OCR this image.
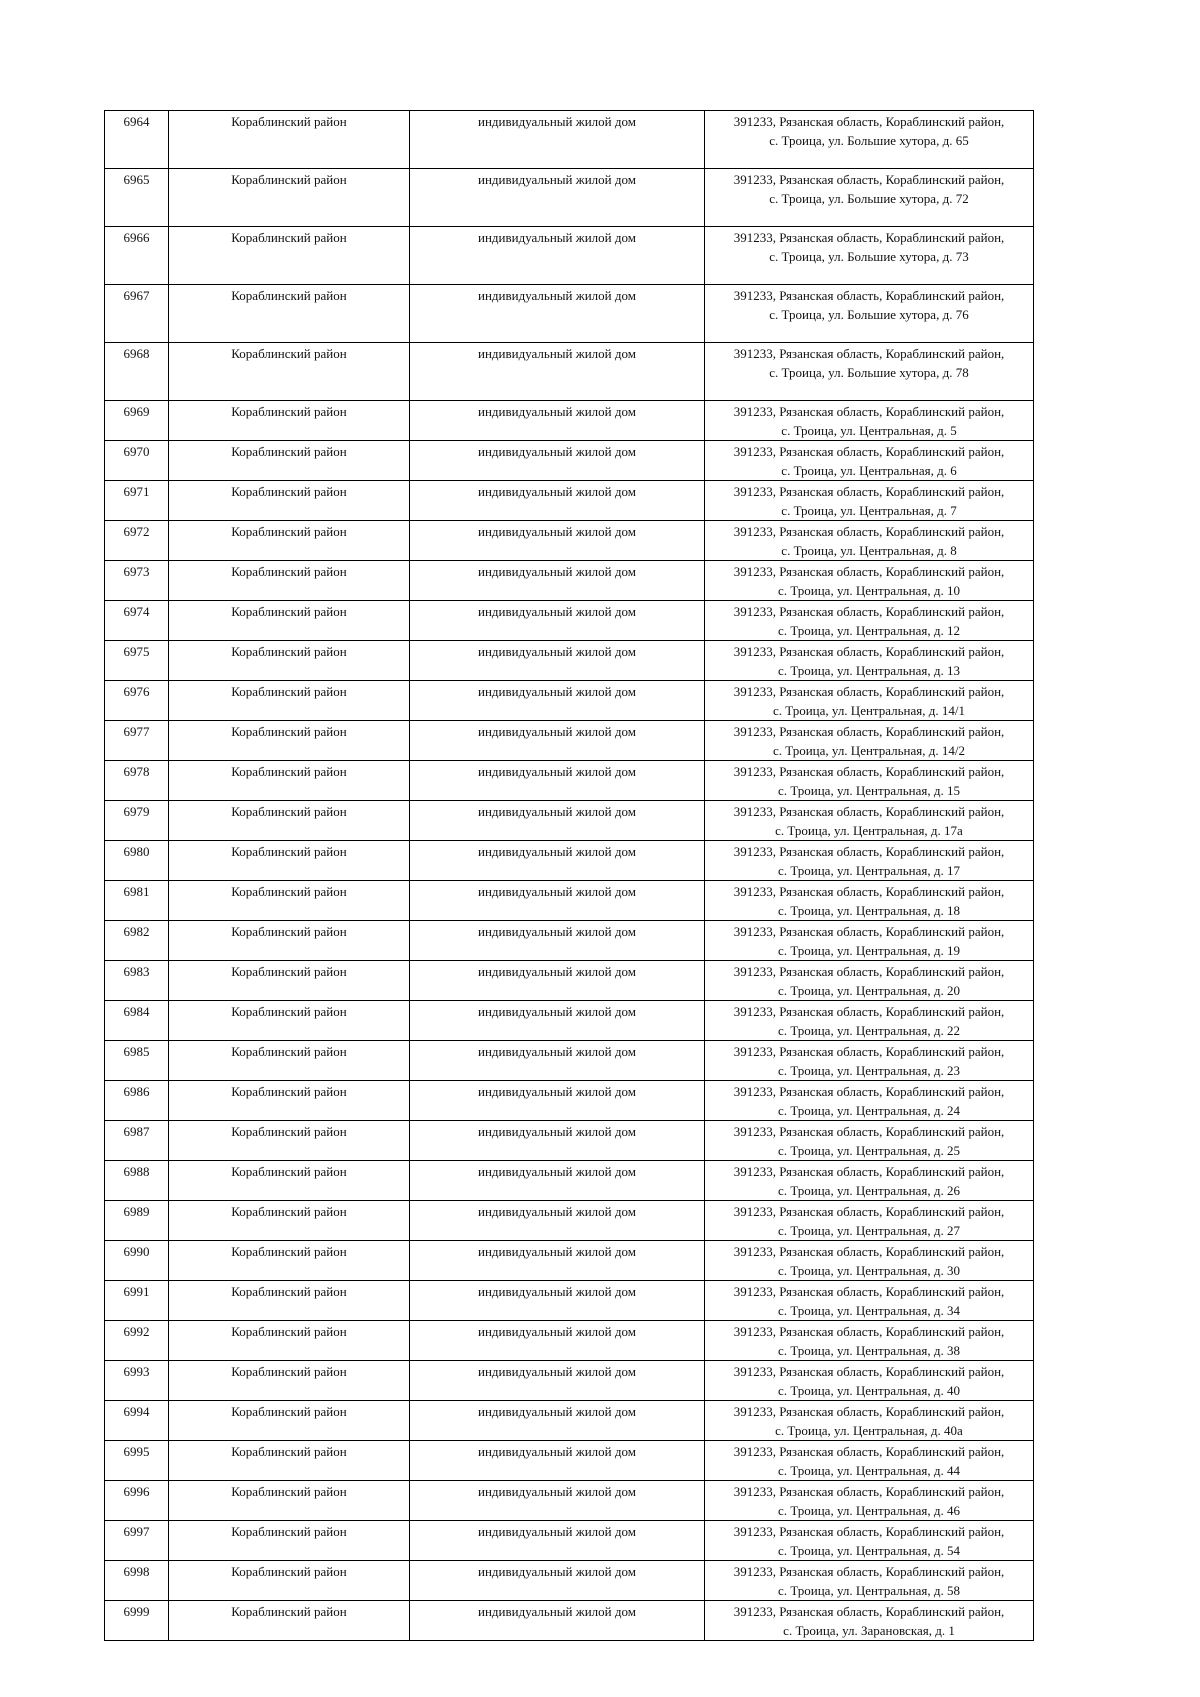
6964	Кораблинский район	индивидуальный жилой дом	391233, Рязанская область, Кораблинский район,
с. Троица, ул. Большие хутора, д. 65

6965	Кораблинский район	индивидуальный жилой дом	391233, Рязанская область, Кораблинский район,
с. Троица, ул. Большие хутора, д. 72

6966	Кораблинский район	индивидуальный жилой дом	391233, Рязанская область, Кораблинский район,
с. Троица, ул. Большие хутора, д. 73

6967	Кораблинский район	индивидуальный жилой дом	391233, Рязанская область, Кораблинский район,
с. Троица, ул. Большие хутора, д. 76

6968	Кораблинский район	индивидуальный жилой дом	391233, Рязанская область, Кораблинский район,
с. Троица, ул. Большие хутора, д. 78

6969	Кораблинский район	индивидуальный жилой дом	391233, Рязанская область, Кораблинский район,
с. Троица, ул. Центральная, д. 5

6970	Кораблинский район	индивидуальный жилой дом	391233, Рязанская область, Кораблинский район,
с. Троица, ул. Центральная, д. 6

6971	Кораблинский район	индивидуальный жилой дом	391233, Рязанская область, Кораблинский район,
с. Троица, ул. Центральная, д. 7

6972	Кораблинский район	индивидуальный жилой дом	391233, Рязанская область, Кораблинский район,
с. Троица, ул. Центральная, д. 8

6973	Кораблинский район	индивидуальный жилой дом	391233, Рязанская область, Кораблинский район,
с. Троица, ул. Центральная, д. 10

6974	Кораблинский район	индивидуальный жилой дом	391233, Рязанская область, Кораблинский район,
с. Троица, ул. Центральная, д. 12

6975	Кораблинский район	индивидуальный жилой дом	391233, Рязанская область, Кораблинский район,
с. Троица, ул. Центральная, д. 13

6976	Кораблинский район	индивидуальный жилой дом	391233, Рязанская область, Кораблинский район,
с. Троица, ул. Центральная, д. 14/1

6977	Кораблинский район	индивидуальный жилой дом	391233, Рязанская область, Кораблинский район,
с. Троица, ул. Центральная, д. 14/2

6978	Кораблинский район	индивидуальный жилой дом	391233, Рязанская область, Кораблинский район,
с. Троица, ул. Центральная, д. 15

6979	Кораблинский район	индивидуальный жилой дом	391233, Рязанская область, Кораблинский район,
с. Троица, ул. Центральная, д. 17а

6980	Кораблинский район	индивидуальный жилой дом	391233, Рязанская область, Кораблинский район,
с. Троица, ул. Центральная, д. 17

6981	Кораблинский район	индивидуальный жилой дом	391233, Рязанская область, Кораблинский район,
с. Троица, ул. Центральная, д. 18

6982	Кораблинский район	индивидуальный жилой дом	391233, Рязанская область, Кораблинский район,
с. Троица, ул. Центральная, д. 19

6983	Кораблинский район	индивидуальный жилой дом	391233, Рязанская область, Кораблинский район,
с. Троица, ул. Центральная, д. 20

6984	Кораблинский район	индивидуальный жилой дом	391233, Рязанская область, Кораблинский район,
с. Троица, ул. Центральная, д. 22

6985	Кораблинский район	индивидуальный жилой дом	391233, Рязанская область, Кораблинский район,
с. Троица, ул. Центральная, д. 23

6986	Кораблинский район	индивидуальный жилой дом	391233, Рязанская область, Кораблинский район,
с. Троица, ул. Центральная, д. 24

6987	Кораблинский район	индивидуальный жилой дом	391233, Рязанская область, Кораблинский район,
с. Троица, ул. Центральная, д. 25

6988	Кораблинский район	индивидуальный жилой дом	391233, Рязанская область, Кораблинский район,
с. Троица, ул. Центральная, д. 26

6989	Кораблинский район	индивидуальный жилой дом	391233, Рязанская область, Кораблинский район,
с. Троица, ул. Центральная, д. 27

6990	Кораблинский район	индивидуальный жилой дом	391233, Рязанская область, Кораблинский район,
с. Троица, ул. Центральная, д. 30

6991	Кораблинский район	индивидуальный жилой дом	391233, Рязанская область, Кораблинский район,
с. Троица, ул. Центральная, д. 34

6992	Кораблинский район	индивидуальный жилой дом	391233, Рязанская область, Кораблинский район,
с. Троица, ул. Центральная, д. 38

6993	Кораблинский район	индивидуальный жилой дом	391233, Рязанская область, Кораблинский район,
с. Троица, ул. Центральная, д. 40

6994	Кораблинский район	индивидуальный жилой дом	391233, Рязанская область, Кораблинский район,
с. Троица, ул. Центральная, д. 40а

6995	Кораблинский район	индивидуальный жилой дом	391233, Рязанская область, Кораблинский район,
с. Троица, ул. Центральная, д. 44

6996	Кораблинский район	индивидуальный жилой дом	391233, Рязанская область, Кораблинский район,
с. Троица, ул. Центральная, д. 46

6997	Кораблинский район	индивидуальный жилой дом	391233, Рязанская область, Кораблинский район,
с. Троица, ул. Центральная, д. 54

6998	Кораблинский район	индивидуальный жилой дом	391233, Рязанская область, Кораблинский район,
с. Троица, ул. Центральная, д. 58

6999	Кораблинский район	индивидуальный жилой дом	391233, Рязанская область, Кораблинский район,
с. Троица, ул. Зарановская, д. 1
